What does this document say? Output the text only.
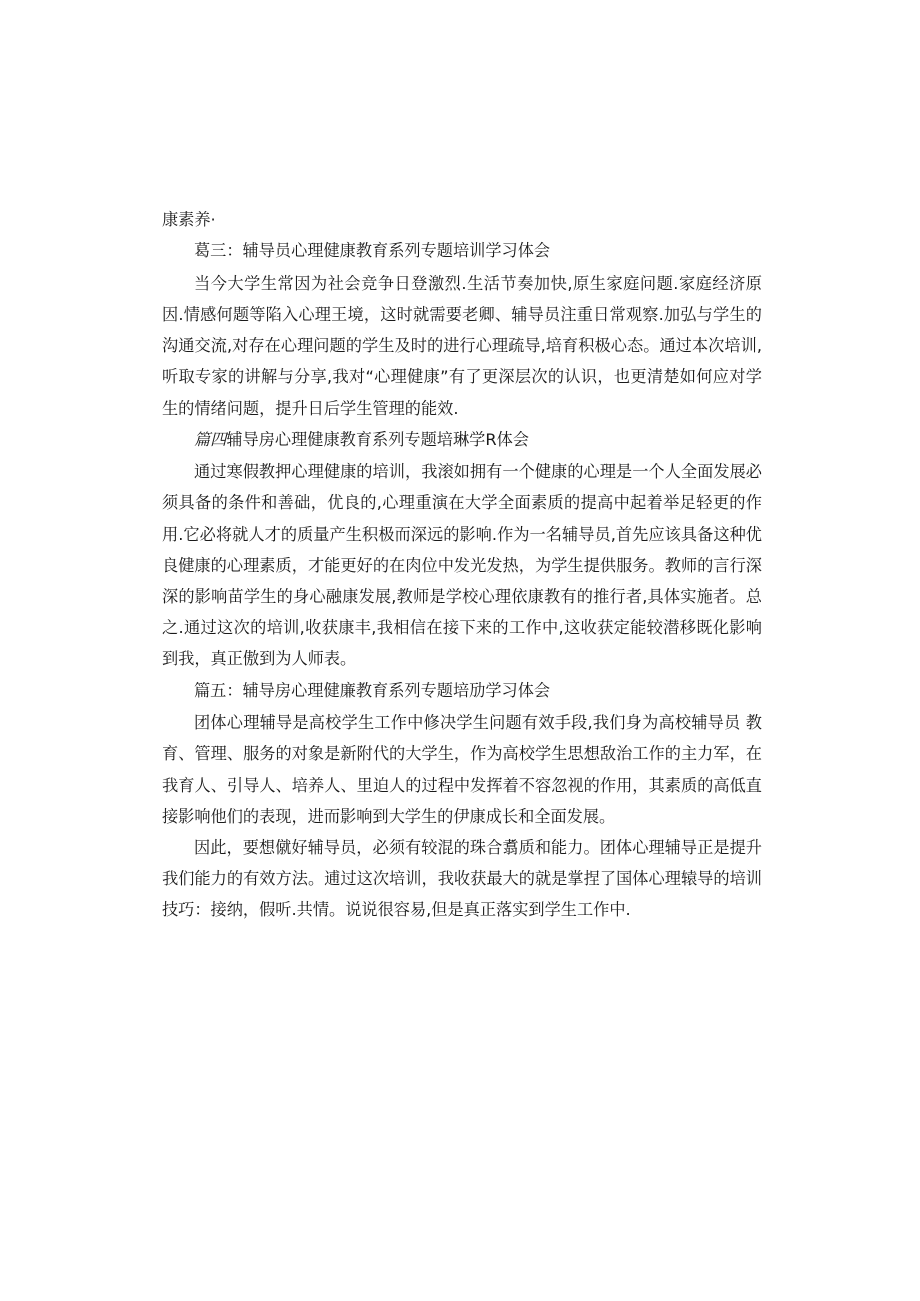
康素养·

葛三：辅导员心理健康教育系列专题培训学习体会

当今大学生常因为社会竞争日登激烈.生活节奏加快,原生家庭问题.家庭经济原因.情感何题等陷入心理王境，这时就需要老卿、辅导员注重日常观察.加弘与学生的沟通交流,对存在心理问题的学生及时的进行心理疏导,培育积极心态。通过本次培训,听取专家的讲解与分享,我对“心理健康”有了更深层次的认识，也更清楚如何应对学生的情绪问题，提升日后学生管理的能效.

篇四辅导房心理健康教育系列专题培琳学R体会

通过寒假教押心理健康的培训，我滚如拥有一个健康的心理是一个人全面发展必须具备的条件和善础，优良的,心理重演在大学全面素质的提高中起着举足轻更的作用.它必将就人才的质量产生积极而深远的影响.作为一名辅导员,首先应该具备这种优良健康的心理素质，才能更好的在肉位中发光发热，为学生提供服务。教师的言行深深的影响苗学生的身心融康发展,教师是学校心理依康教有的推行者,具体实施者。总之.通过这次的培训,收获康丰,我相信在接下来的工作中,这收获定能较潜移既化影响到我，真正傲到为人师表。

篇五：辅导房心理健廉教育系列专题培劢学习体会

团体心理辅导是高校学生工作中修决学生问题有效手段,我们身为高校辅导员 教育、管理、服务的对象是新附代的大学生，作为高校学生思想敌治工作的主力军，在我育人、引导人、培养人、里迫人的过程中发挥着不容忽视的作用，其素质的高低直接影响他们的表现，进而影响到大学生的伊康成长和全面发展。

因此，要想僦好辅导员，必须有较混的珠合翥质和能力。团体心理辅导正是提升我们能力的有效方法。逋过这次培训，我收获最大的就是掌捏了国体心理辕导的培训技巧：接纳，假听.共情。说说很容易,但是真正落实到学生工作中.
